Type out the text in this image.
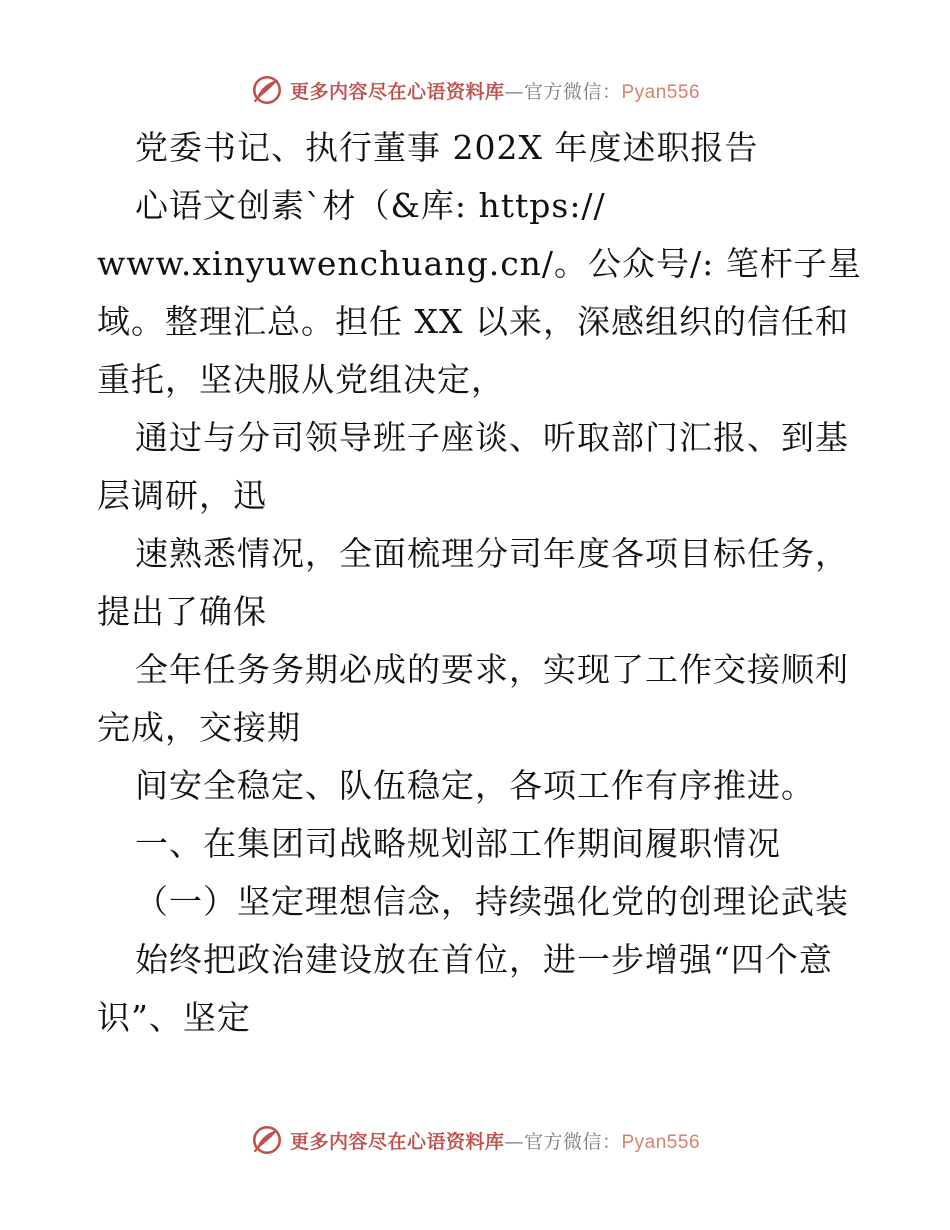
更多内容尽在心语资料库—官方微信：Pyan556
党委书记、执行董事 202X 年度述职报告
心语文创素`材（&库: https://
www.xinyuwenchuang.cn/。公众号/: 笔杆子星
域。整理汇总。担任 XX 以来，深感组织的信任和
重托，坚决服从党组决定，
通过与分司领导班子座谈、听取部门汇报、到基
层调研，迅
速熟悉情况，全面梳理分司年度各项目标任务，
提出了确保
全年任务务期必成的要求，实现了工作交接顺利
完成，交接期
间安全稳定、队伍稳定，各项工作有序推进。
一、在集团司战略规划部工作期间履职情况
（一）坚定理想信念，持续强化党的创理论武装
始终把政治建设放在首位，进一步增强“四个意
识”、坚定
更多内容尽在心语资料库—官方微信：Pyan556
